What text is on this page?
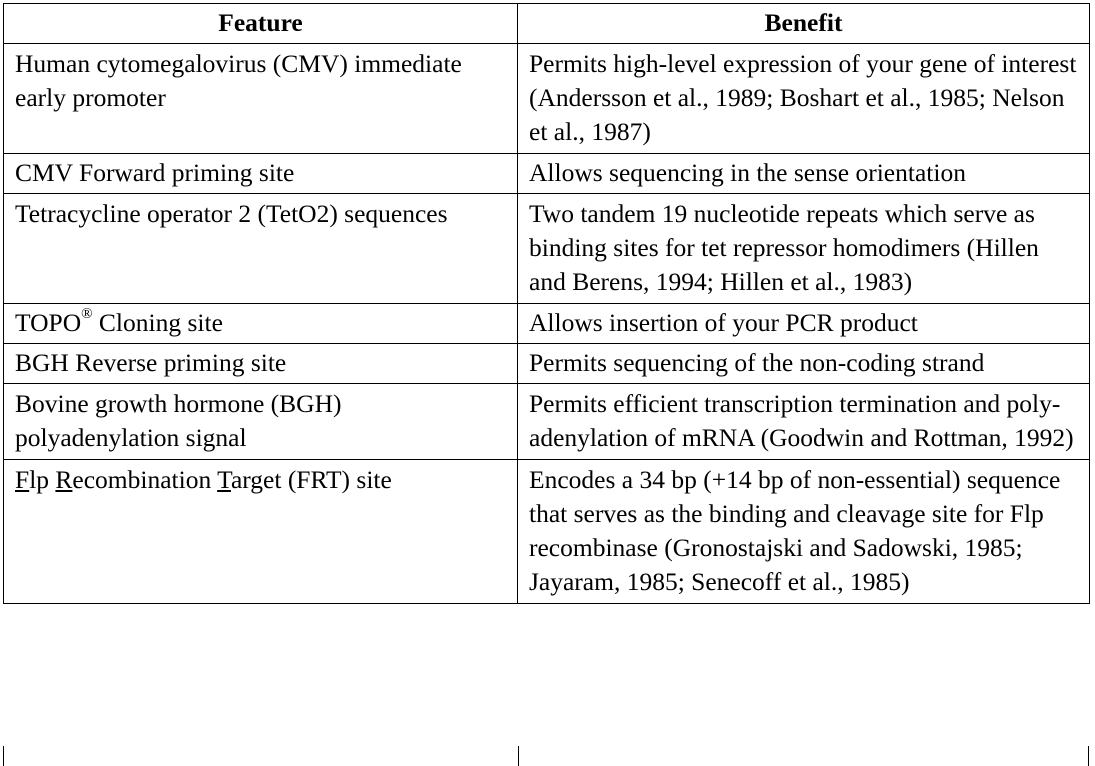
Feature	Benefit
Human cytomegalovirus (CMV) immediate early promoter	Permits high-level expression of your gene of interest (Andersson et al., 1989; Boshart et al., 1985; Nelson et al., 1987)
CMV Forward priming site	Allows sequencing in the sense orientation
Tetracycline operator 2 (TetO2) sequences	Two tandem 19 nucleotide repeats which serve as binding sites for tet repressor homodimers (Hillen and Berens, 1994; Hillen et al., 1983)
TOPO® Cloning site	Allows insertion of your PCR product
BGH Reverse priming site	Permits sequencing of the non-coding strand
Bovine growth hormone (BGH) polyadenylation signal	Permits efficient transcription termination and poly-adenylation of mRNA (Goodwin and Rottman, 1992)
Flp Recombination Target (FRT) site	Encodes a 34 bp (+14 bp of non-essential) sequence that serves as the binding and cleavage site for Flp recombinase (Gronostajski and Sadowski, 1985; Jayaram, 1985; Senecoff et al., 1985)
